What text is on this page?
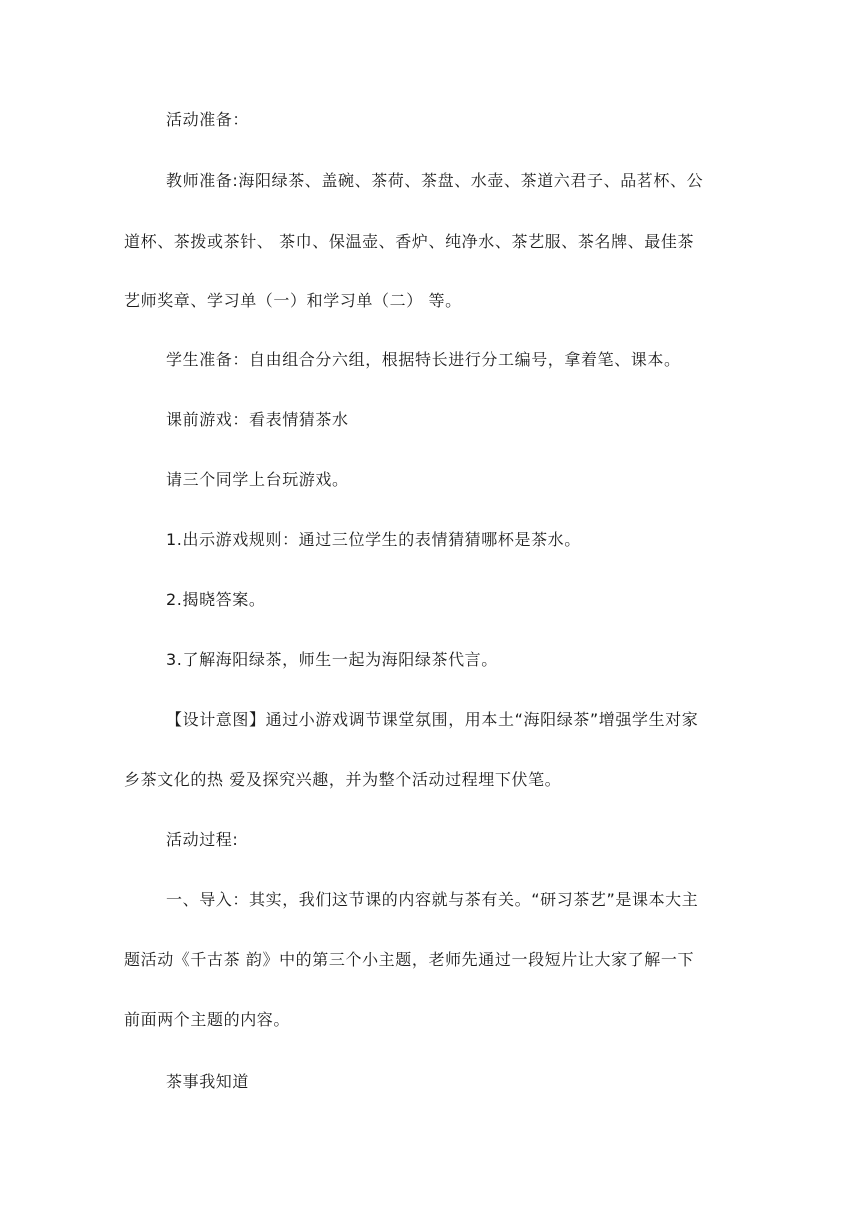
活动准备：
教师准备:海阳绿茶、盖碗、茶荷、茶盘、水壶、茶道六君子、品茗杯、公
道杯、茶拨或茶针、 茶巾、保温壶、香炉、纯净水、茶艺服、茶名牌、最佳茶
艺师奖章、学习单（一）和学习单（二） 等。
学生准备：自由组合分六组，根据特长进行分工编号，拿着笔、课本。
课前游戏：看表情猜茶水
请三个同学上台玩游戏。
1.出示游戏规则：通过三位学生的表情猜猜哪杯是茶水。
2.揭晓答案。
3.了解海阳绿茶，师生一起为海阳绿茶代言。
【设计意图】通过小游戏调节课堂氛围，用本土“海阳绿茶”增强学生对家
乡茶文化的热 爱及探究兴趣，并为整个活动过程埋下伏笔。
活动过程:
一、导入：其实，我们这节课的内容就与茶有关。“研习茶艺”是课本大主
题活动《千古茶 韵》中的第三个小主题，老师先通过一段短片让大家了解一下
前面两个主题的内容。
茶事我知道
